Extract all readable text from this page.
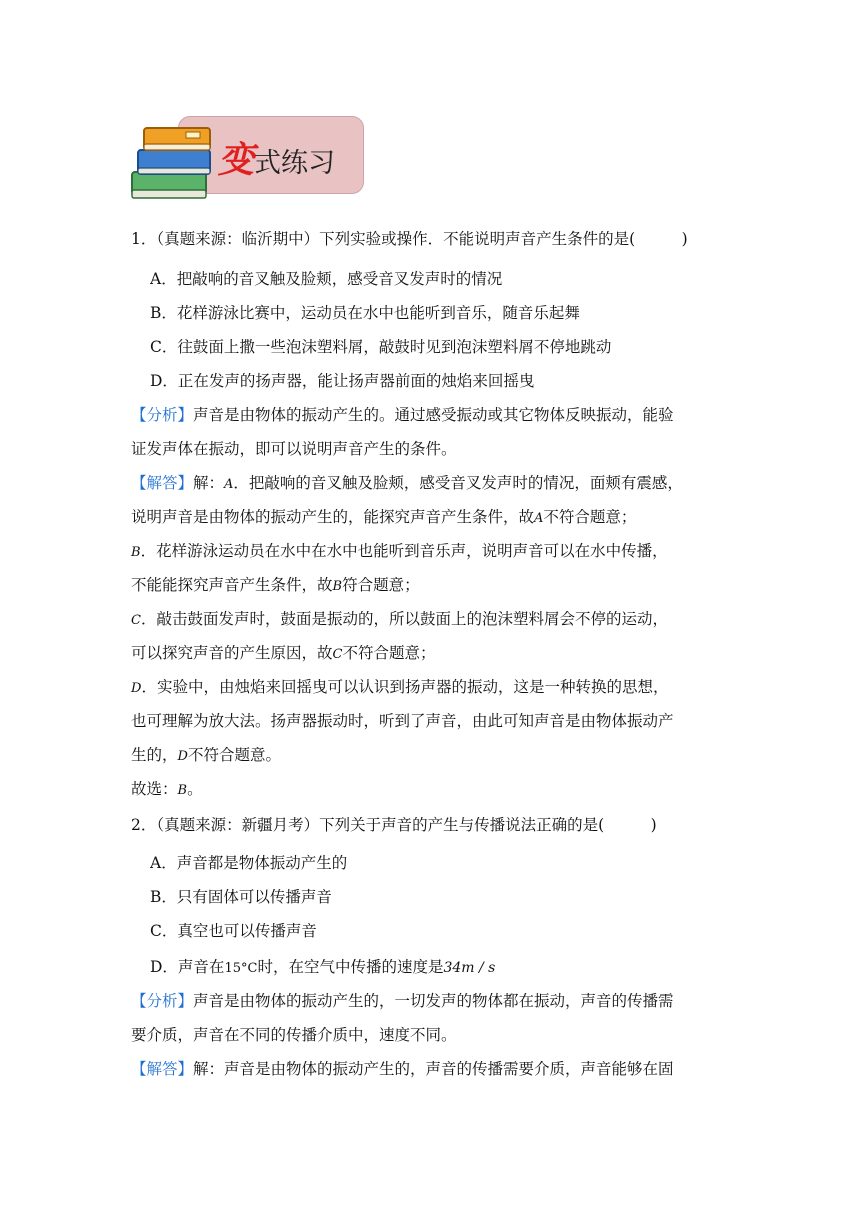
变式练习
1．（真题来源：临沂期中）下列实验或操作．不能说明声音产生条件的是(　　　)
A．把敲响的音叉触及脸颊，感受音叉发声时的情况
B．花样游泳比赛中，运动员在水中也能听到音乐，随音乐起舞
C．往鼓面上撒一些泡沫塑料屑，敲鼓时见到泡沫塑料屑不停地跳动
D．正在发声的扬声器，能让扬声器前面的烛焰来回摇曳
【分析】声音是由物体的振动产生的。通过感受振动或其它物体反映振动，能验
证发声体在振动，即可以说明声音产生的条件。
【解答】解：A．把敲响的音叉触及脸颊，感受音叉发声时的情况，面颊有震感，
说明声音是由物体的振动产生的，能探究声音产生条件，故A不符合题意；
B．花样游泳运动员在水中在水中也能听到音乐声，说明声音可以在水中传播，
不能能探究声音产生条件，故B符合题意；
C．敲击鼓面发声时，鼓面是振动的，所以鼓面上的泡沫塑料屑会不停的运动，
可以探究声音的产生原因，故C不符合题意；
D．实验中，由烛焰来回摇曳可以认识到扬声器的振动，这是一种转换的思想，
也可理解为放大法。扬声器振动时，听到了声音，由此可知声音是由物体振动产
生的，D不符合题意。
故选：B。
2．（真题来源：新疆月考）下列关于声音的产生与传播说法正确的是(　　　)
A．声音都是物体振动产生的
B．只有固体可以传播声音
C．真空也可以传播声音
D．声音在15°C时，在空气中传播的速度是34m / s
【分析】声音是由物体的振动产生的，一切发声的物体都在振动，声音的传播需
要介质，声音在不同的传播介质中，速度不同。
【解答】解：声音是由物体的振动产生的，声音的传播需要介质，声音能够在固
